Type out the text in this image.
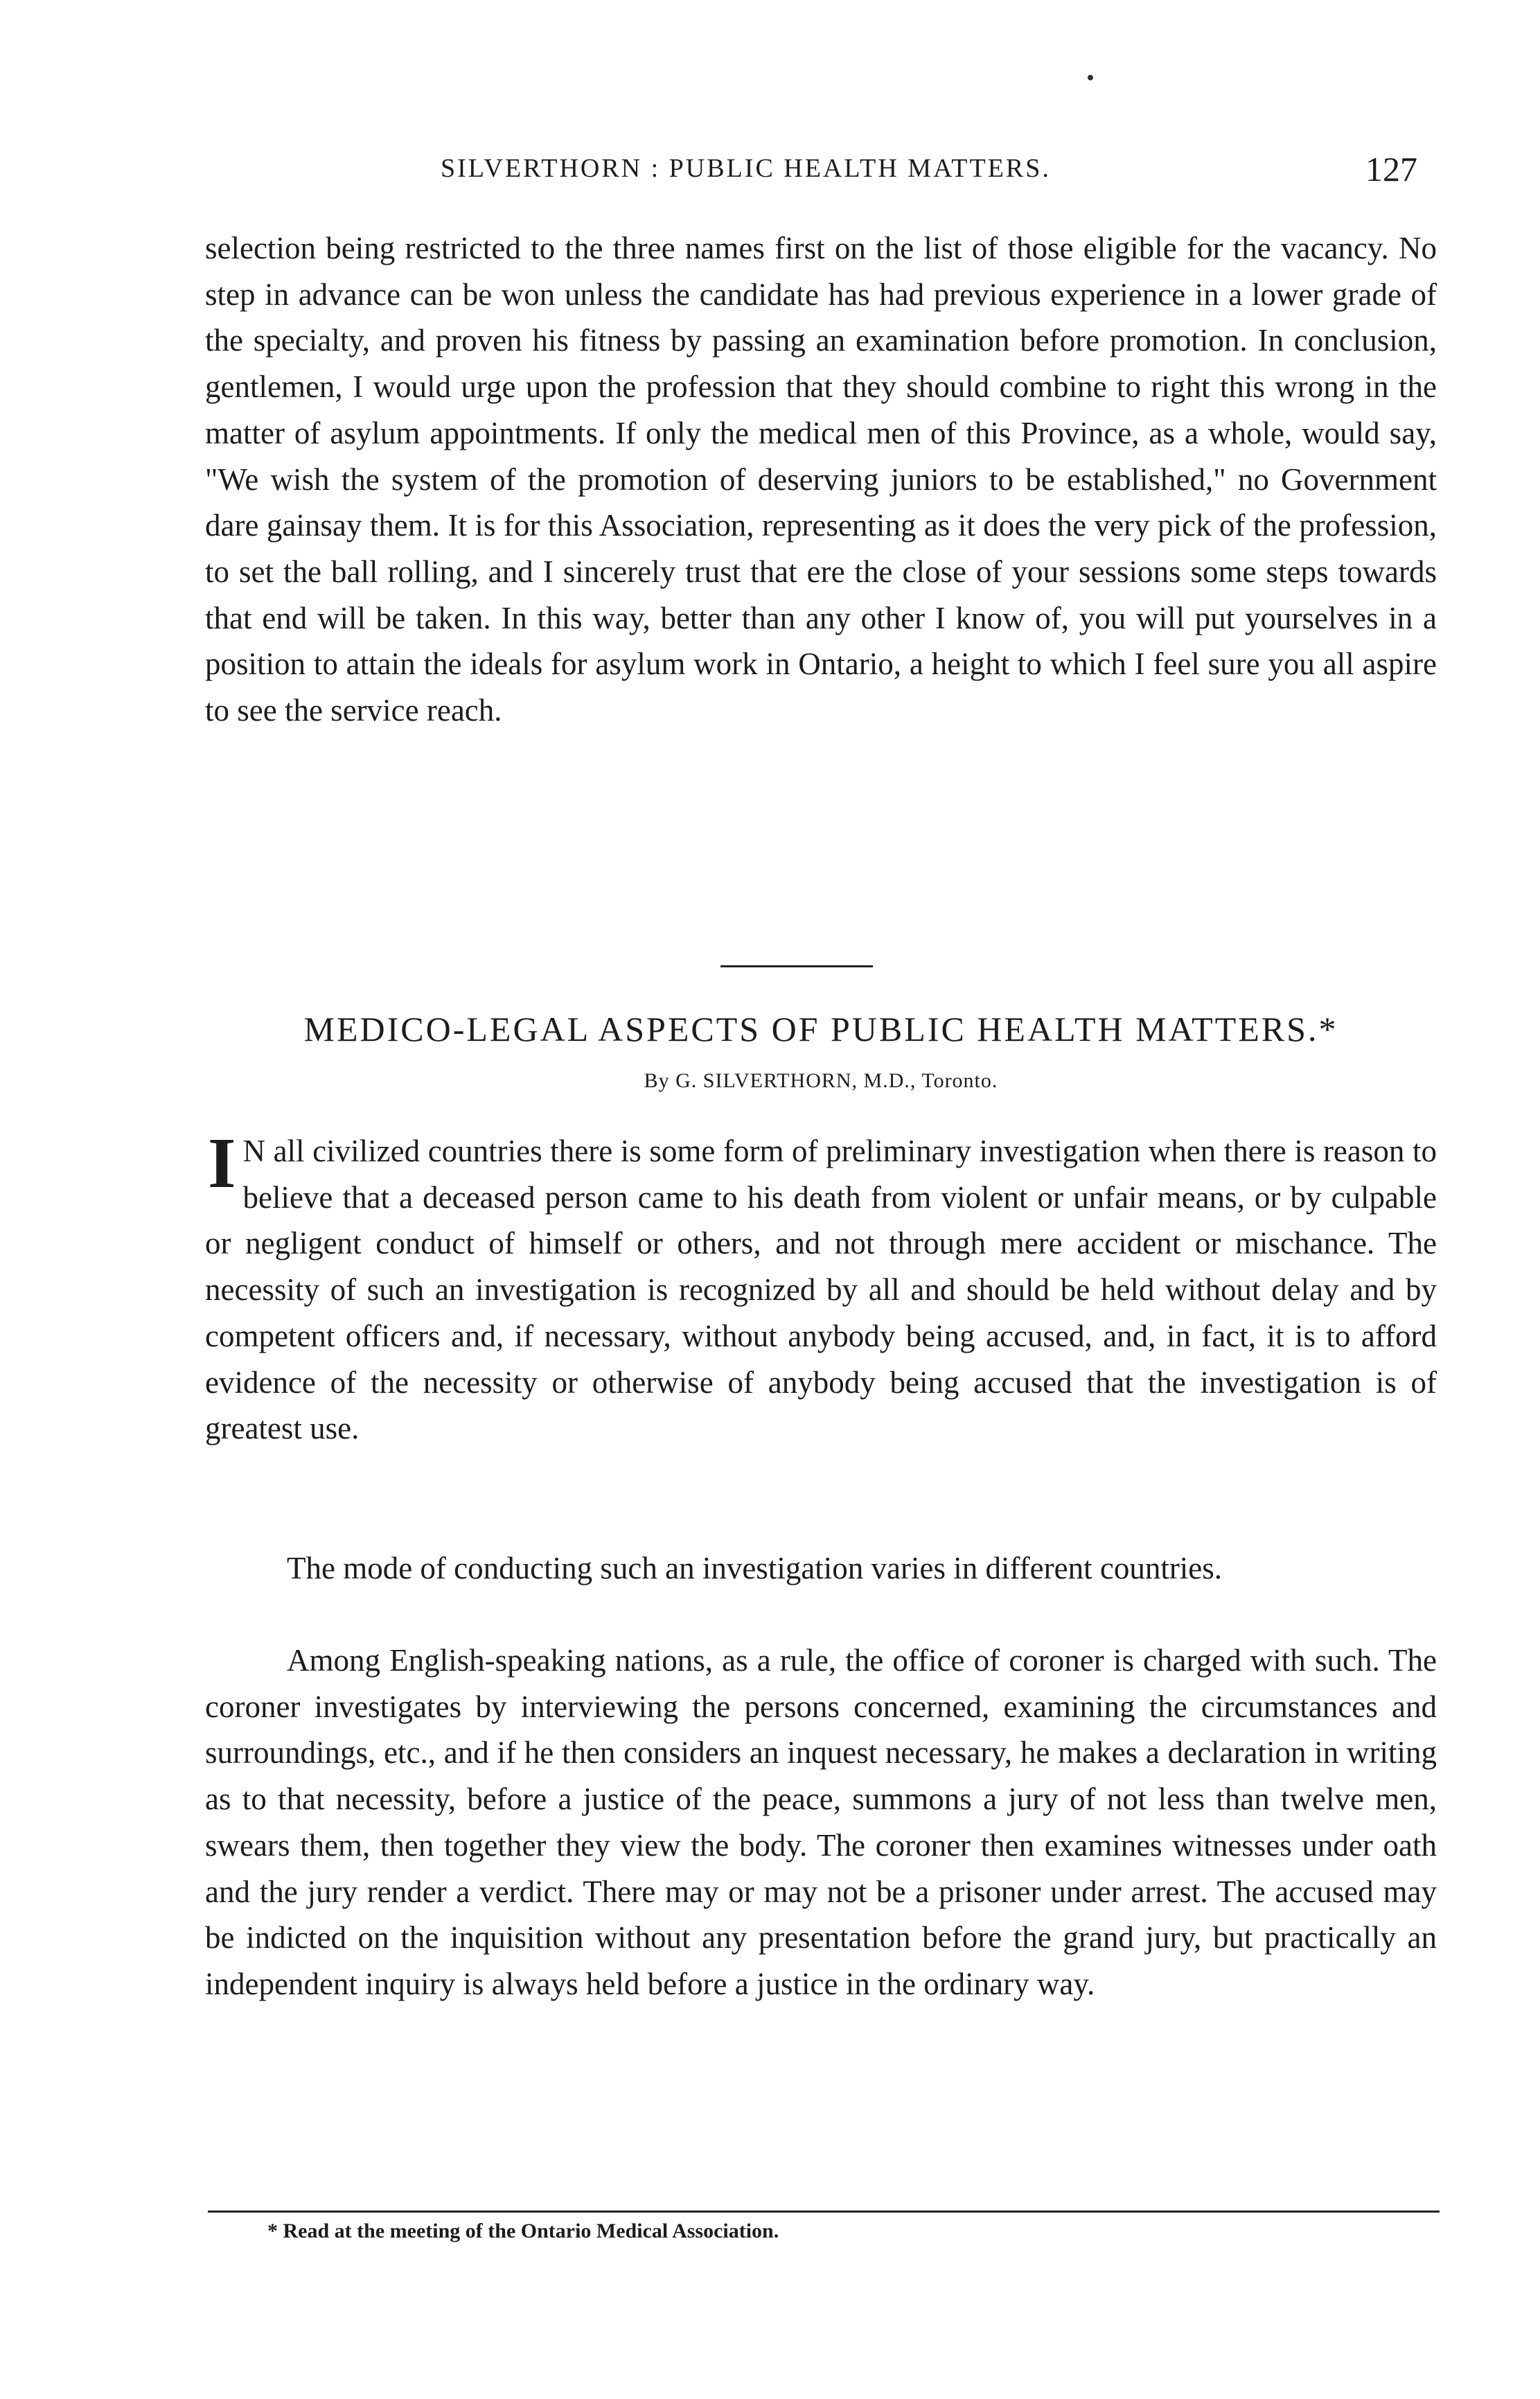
SILVERTHORN : PUBLIC HEALTH MATTERS.	127

selection being restricted to the three names first on the list of those eligible for the vacancy. No step in advance can be won unless the candidate has had previous experience in a lower grade of the specialty, and proven his fitness by passing an examination before promotion. In conclusion, gentlemen, I would urge upon the profession that they should combine to right this wrong in the matter of asylum appointments. If only the medical men of this Province, as a whole, would say, "We wish the system of the promotion of deserving juniors to be established," no Government dare gainsay them. It is for this Association, representing as it does the very pick of the profession, to set the ball rolling, and I sincerely trust that ere the close of your sessions some steps towards that end will be taken. In this way, better than any other I know of, you will put yourselves in a position to attain the ideals for asylum work in Ontario, a height to which I feel sure you all aspire to see the service reach.

MEDICO-LEGAL ASPECTS OF PUBLIC HEALTH MATTERS.*
By G. SILVERTHORN, M.D., Toronto.

I N all civilized countries there is some form of preliminary investigation when there is reason to believe that a deceased person came to his death from violent or unfair means, or by culpable or negligent conduct of himself or others, and not through mere accident or mischance. The necessity of such an investigation is recognized by all and should be held without delay and by competent officers and, if necessary, without anybody being accused, and, in fact, it is to afford evidence of the necessity or otherwise of anybody being accused that the investigation is of greatest use.

The mode of conducting such an investigation varies in different countries.

Among English-speaking nations, as a rule, the office of coroner is charged with such. The coroner investigates by interviewing the persons concerned, examining the circumstances and surroundings, etc., and if he then considers an inquest necessary, he makes a declaration in writing as to that necessity, before a justice of the peace, summons a jury of not less than twelve men, swears them, then together they view the body. The coroner then examines witnesses under oath and the jury render a verdict. There may or may not be a prisoner under arrest. The accused may be indicted on the inquisition without any presentation before the grand jury, but practically an independent inquiry is always held before a justice in the ordinary way.

* Read at the meeting of the Ontario Medical Association.
